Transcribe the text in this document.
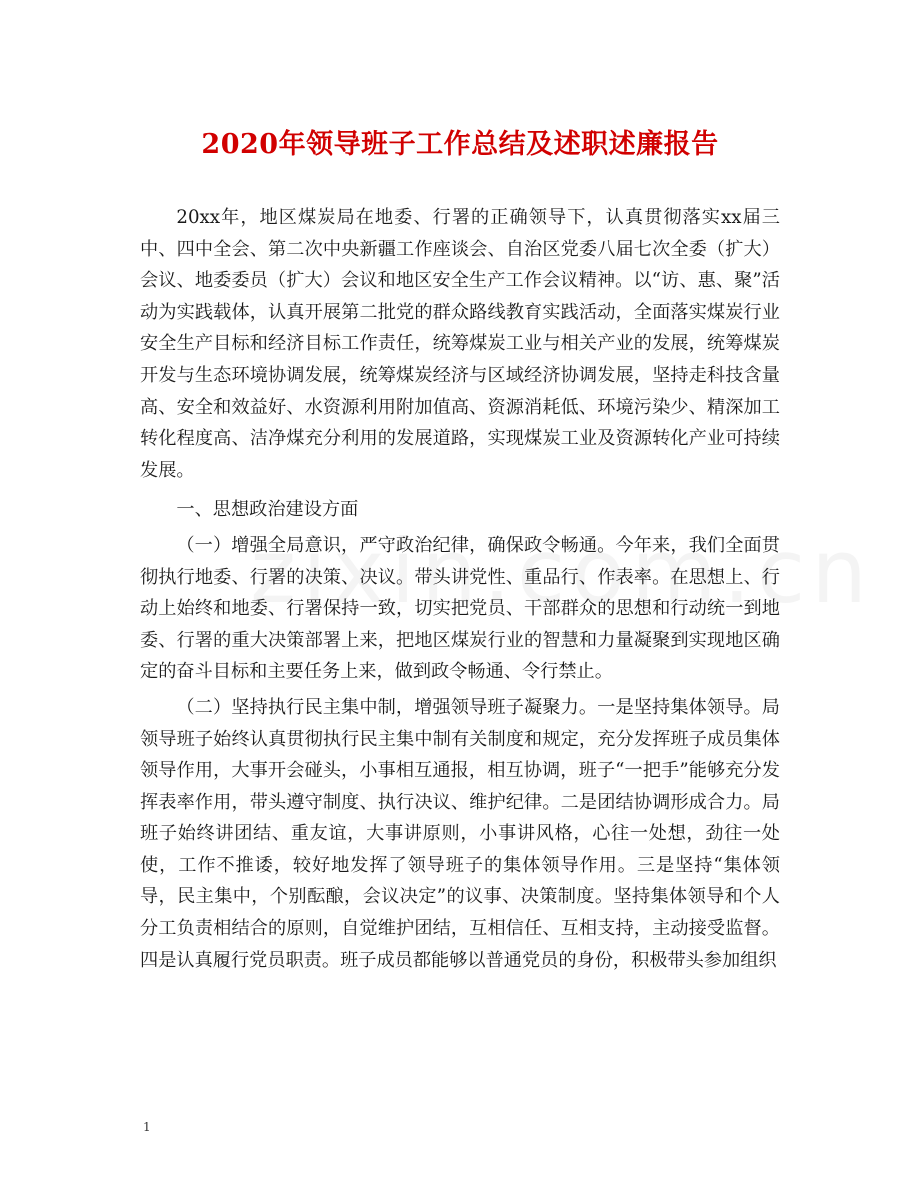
2020年领导班子工作总结及述职述廉报告

20xx年，地区煤炭局在地委、行署的正确领导下，认真贯彻落实xx届三中、四中全会、第二次中央新疆工作座谈会、自治区党委八届七次全委（扩大）会议、地委委员（扩大）会议和地区安全生产工作会议精神。以“访、惠、聚”活动为实践载体，认真开展第二批党的群众路线教育实践活动，全面落实煤炭行业安全生产目标和经济目标工作责任，统筹煤炭工业与相关产业的发展，统筹煤炭开发与生态环境协调发展，统筹煤炭经济与区域经济协调发展，坚持走科技含量高、安全和效益好、水资源利用附加值高、资源消耗低、环境污染少、精深加工转化程度高、洁净煤充分利用的发展道路，实现煤炭工业及资源转化产业可持续发展。

一、思想政治建设方面

（一）增强全局意识，严守政治纪律，确保政令畅通。今年来，我们全面贯彻执行地委、行署的决策、决议。带头讲党性、重品行、作表率。在思想上、行动上始终和地委、行署保持一致，切实把党员、干部群众的思想和行动统一到地委、行署的重大决策部署上来，把地区煤炭行业的智慧和力量凝聚到实现地区确定的奋斗目标和主要任务上来，做到政令畅通、令行禁止。

（二）坚持执行民主集中制，增强领导班子凝聚力。一是坚持集体领导。局领导班子始终认真贯彻执行民主集中制有关制度和规定，充分发挥班子成员集体领导作用，大事开会碰头，小事相互通报，相互协调，班子“一把手”能够充分发挥表率作用，带头遵守制度、执行决议、维护纪律。二是团结协调形成合力。局班子始终讲团结、重友谊，大事讲原则，小事讲风格，心往一处想，劲往一处使，工作不推诿，较好地发挥了领导班子的集体领导作用。三是坚持“集体领导，民主集中，个别酝酿，会议决定”的议事、决策制度。坚持集体领导和个人分工负责相结合的原则，自觉维护团结，互相信任、互相支持，主动接受监督。四是认真履行党员职责。班子成员都能够以普通党员的身份，积极带头参加组织

1
